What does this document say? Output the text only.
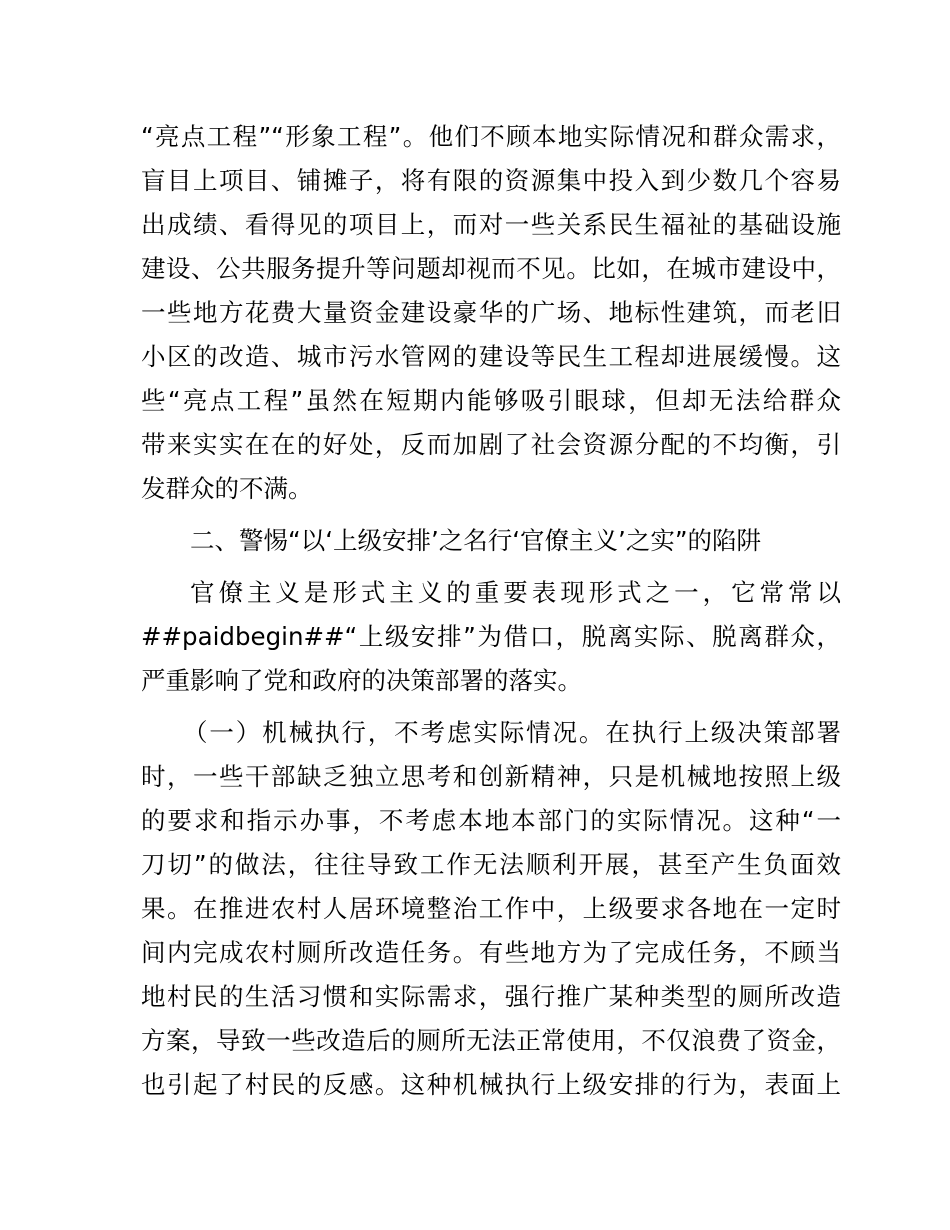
“亮点工程”“形象工程”。他们不顾本地实际情况和群众需求，
盲目上项目、铺摊子，将有限的资源集中投入到少数几个容易
出成绩、看得见的项目上，而对一些关系民生福祉的基础设施
建设、公共服务提升等问题却视而不见。比如，在城市建设中，
一些地方花费大量资金建设豪华的广场、地标性建筑，而老旧
小区的改造、城市污水管网的建设等民生工程却进展缓慢。这
些“亮点工程”虽然在短期内能够吸引眼球，但却无法给群众
带来实实在在的好处，反而加剧了社会资源分配的不均衡，引
发群众的不满。
二、警惕“以‘上级安排’之名行‘官僚主义’之实”的陷阱
官僚主义是形式主义的重要表现形式之一，它常常以
##paidbegin##“上级安排”为借口，脱离实际、脱离群众，
严重影响了党和政府的决策部署的落实。
（一）机械执行，不考虑实际情况。在执行上级决策部署
时，一些干部缺乏独立思考和创新精神，只是机械地按照上级
的要求和指示办事，不考虑本地本部门的实际情况。这种“一
刀切”的做法，往往导致工作无法顺利开展，甚至产生负面效
果。在推进农村人居环境整治工作中，上级要求各地在一定时
间内完成农村厕所改造任务。有些地方为了完成任务，不顾当
地村民的生活习惯和实际需求，强行推广某种类型的厕所改造
方案，导致一些改造后的厕所无法正常使用，不仅浪费了资金，
也引起了村民的反感。这种机械执行上级安排的行为，表面上
